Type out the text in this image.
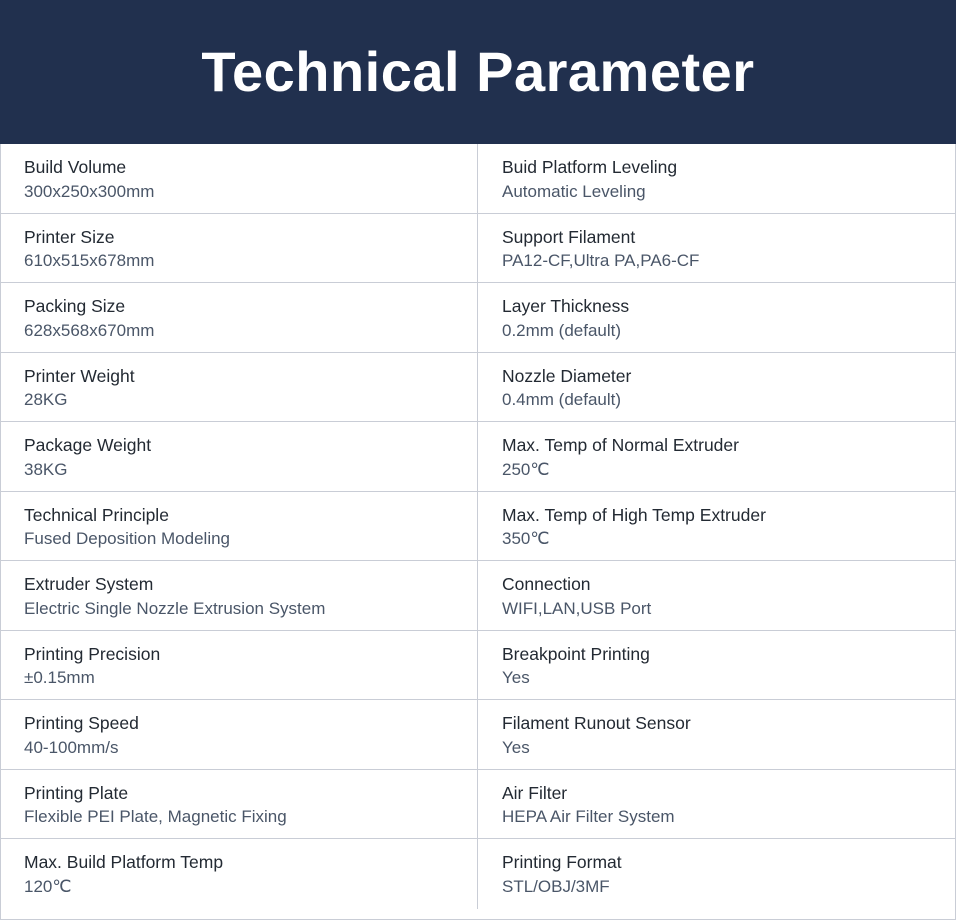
Technical Parameter
Build Volume
300x250x300mm
Printer Size
610x515x678mm
Packing Size
628x568x670mm
Printer Weight
28KG
Package Weight
38KG
Technical Principle
Fused Deposition Modeling
Extruder System
Electric Single Nozzle Extrusion System
Printing Precision
±0.15mm
Printing Speed
40-100mm/s
Printing Plate
Flexible PEI Plate, Magnetic Fixing
Max. Build Platform Temp
120℃
Buid Platform Leveling
Automatic Leveling
Support Filament
PA12-CF,Ultra PA,PA6-CF
Layer Thickness
0.2mm (default)
Nozzle Diameter
0.4mm (default)
Max. Temp of Normal Extruder
250℃
Max. Temp of High Temp Extruder
350℃
Connection
WIFI,LAN,USB Port
Breakpoint Printing
Yes
Filament Runout Sensor
Yes
Air Filter
HEPA Air Filter System
Printing Format
STL/OBJ/3MF
